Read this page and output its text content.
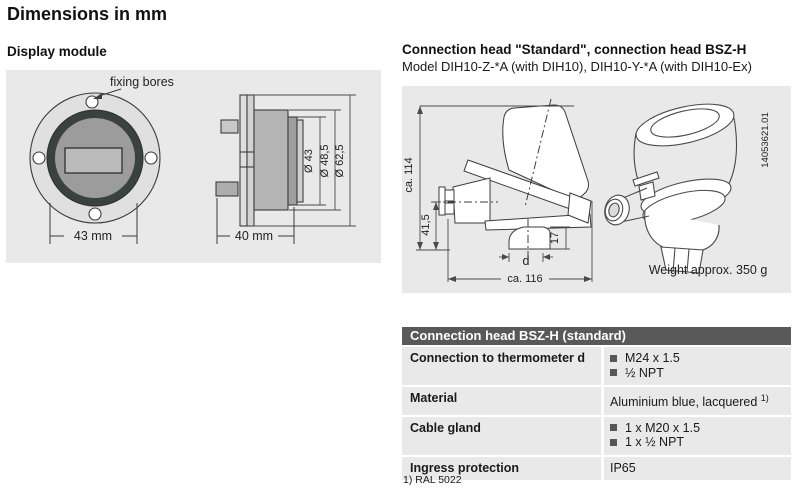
Dimensions in mm
Display module	Connection head "Standard", connection head BSZ-H
Model DIH10-Z-*A (with DIH10), DIH10-Y-*A (with DIH10-Ex)
fixing bores
43 mm
Ø 43 Ø 48,5 Ø 62,5
40 mm
ca. 114
41,5
17
d
ca. 116
14053621.01
Weight approx. 350 g
Connection head BSZ-H (standard)
Connection to thermometer d	M24 x 1.5
½ NPT
Material	Aluminium blue, lacquered $^{1)}$
Cable gland	1 x M20 x 1.5
1 x ½ NPT
Ingress protection	IP65
1) RAL 5022
